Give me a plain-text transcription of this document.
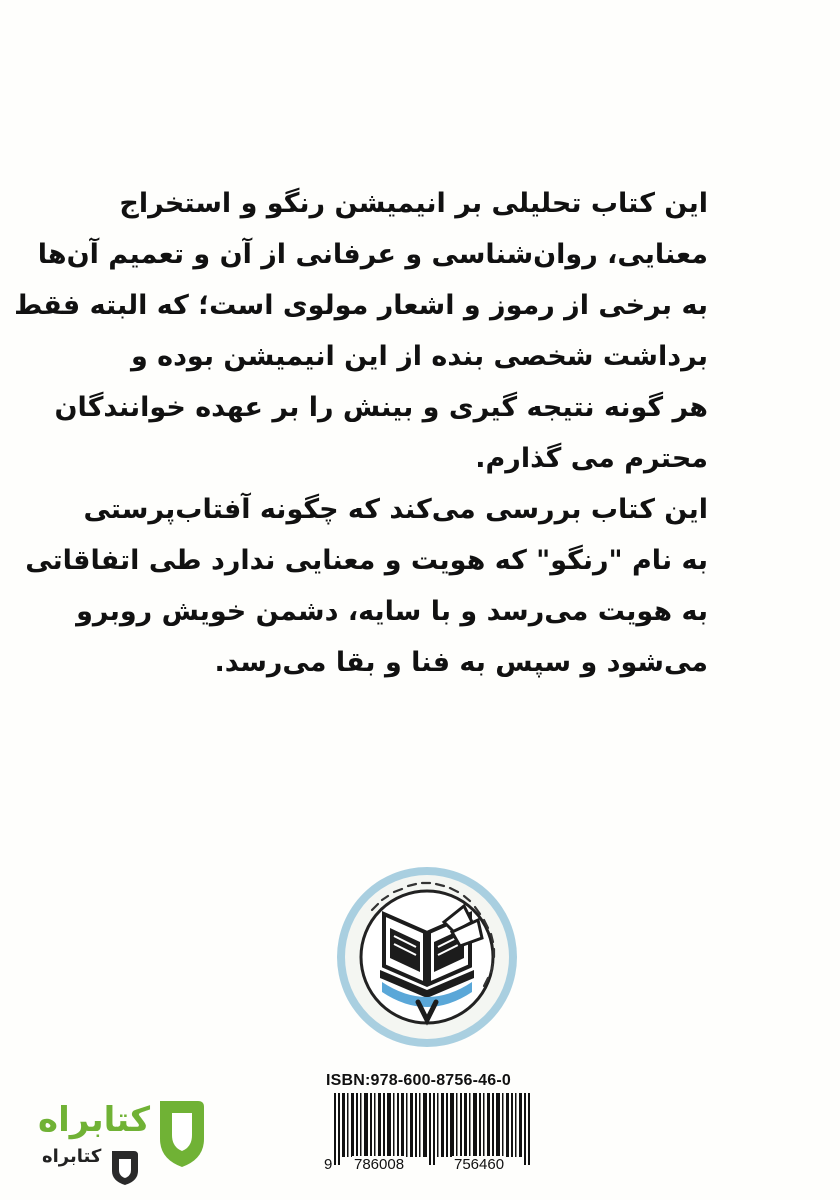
این کتاب تحلیلی بر انیمیشن رنگو و استخراج
معنایی، روان‌شناسی و عرفانی از آن و تعمیم آن‌ها
به برخی از رموز و اشعار مولوی است؛ که البته فقط
برداشت شخصی بنده از این انیمیشن بوده و
هر گونه نتیجه گیری و بینش را بر عهده خوانندگان
محترم می گذارم.
این کتاب بررسی می‌کند که چگونه آفتاب‌پرستی
به نام "رنگو" که هویت و معنایی ندارد طی اتفاقاتی
به هویت می‌رسد و با سایه، دشمن خویش روبرو
می‌شود و سپس به فنا و بقا می‌رسد.
ISBN:978-600-8756-46-0
9 786008	756460
کتابراه
کتابراه
